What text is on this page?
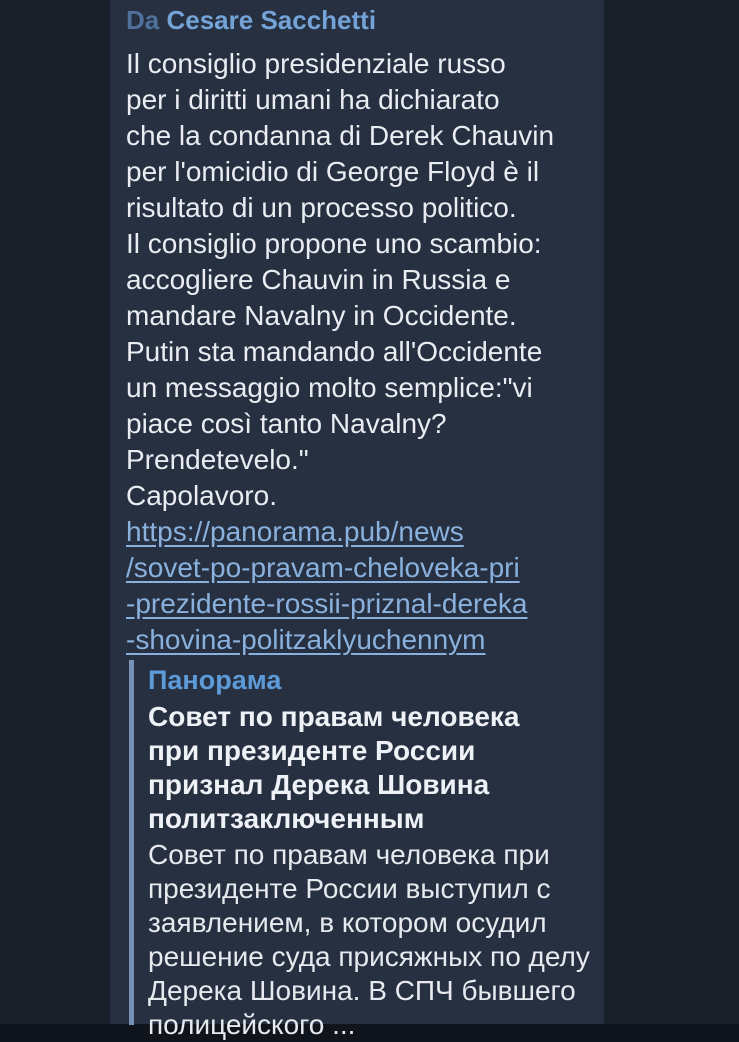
Da Cesare Sacchetti
Il consiglio presidenziale russo
per i diritti umani ha dichiarato
che la condanna di Derek Chauvin
per l'omicidio di George Floyd è il
risultato di un processo politico.
Il consiglio propone uno scambio:
accogliere Chauvin in Russia e
mandare Navalny in Occidente.
Putin sta mandando all'Occidente
un messaggio molto semplice:"vi
piace così tanto Navalny?
Prendetevelo."
Capolavoro.
https://panorama.pub/news
/sovet-po-pravam-cheloveka-pri
-prezidente-rossii-priznal-dereka
-shovina-politzaklyuchennym
Панорама
Совет по правам человека
при президенте России
признал Дерека Шовина
политзаключенным
Совет по правам человека при
президенте России выступил с
заявлением, в котором осудил
решение суда присяжных по делу
Дерека Шовина. В СПЧ бывшего
полицейского ...
